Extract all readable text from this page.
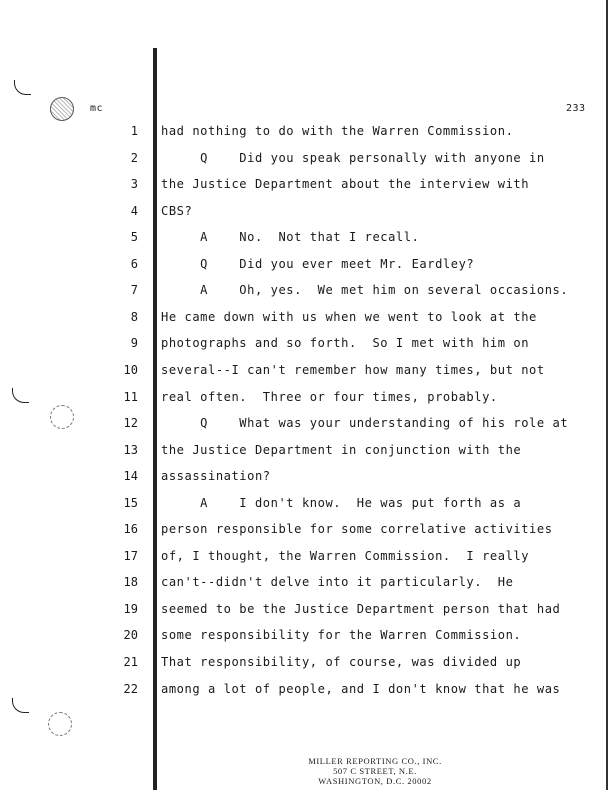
mc	233
1 had nothing to do with the Warren Commission.
2 Q    Did you speak personally with anyone in
3 the Justice Department about the interview with
4 CBS?
5 A    No.  Not that I recall.
6 Q    Did you ever meet Mr. Eardley?
7 A    Oh, yes.  We met him on several occasions.
8 He came down with us when we went to look at the
9 photographs and so forth.  So I met with him on
10 several--I can't remember how many times, but not
11 real often.  Three or four times, probably.
12 Q    What was your understanding of his role at
13 the Justice Department in conjunction with the
14 assassination?
15 A    I don't know.  He was put forth as a
16 person responsible for some correlative activities
17 of, I thought, the Warren Commission.  I really
18 can't--didn't delve into it particularly.  He
19 seemed to be the Justice Department person that had
20 some responsibility for the Warren Commission.
21 That responsibility, of course, was divided up
22 among a lot of people, and I don't know that he was
MILLER REPORTING CO., INC.
507 C STREET, N.E.
WASHINGTON, D.C. 20002
